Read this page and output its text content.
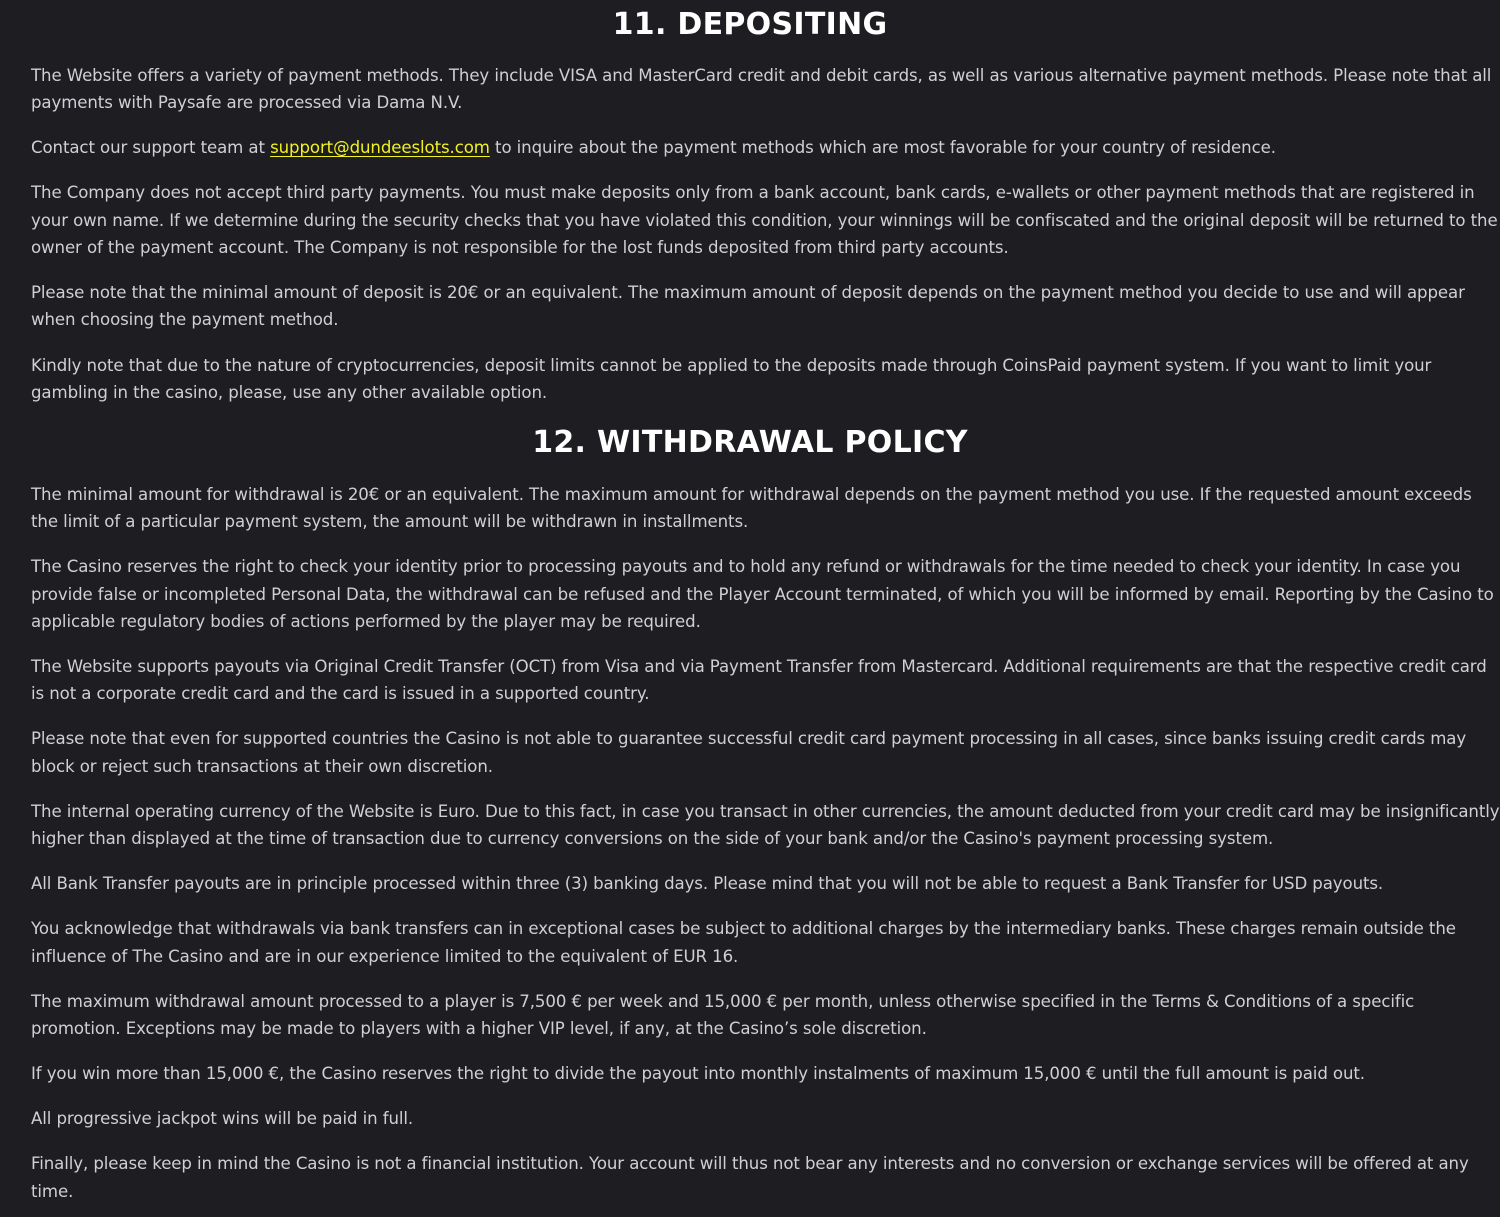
11. DEPOSITING

The Website offers a variety of payment methods. They include VISA and MasterCard credit and debit cards, as well as various alternative payment methods. Please note that all payments with Paysafe are processed via Dama N.V.

Contact our support team at support@dundeeslots.com to inquire about the payment methods which are most favorable for your country of residence.

The Company does not accept third party payments. You must make deposits only from a bank account, bank cards, e-wallets or other payment methods that are registered in your own name. If we determine during the security checks that you have violated this condition, your winnings will be confiscated and the original deposit will be returned to the owner of the payment account. The Company is not responsible for the lost funds deposited from third party accounts.

Please note that the minimal amount of deposit is 20€ or an equivalent. The maximum amount of deposit depends on the payment method you decide to use and will appear when choosing the payment method.

Kindly note that due to the nature of cryptocurrencies, deposit limits cannot be applied to the deposits made through CoinsPaid payment system. If you want to limit your gambling in the casino, please, use any other available option.

12. WITHDRAWAL POLICY

The minimal amount for withdrawal is 20€ or an equivalent. The maximum amount for withdrawal depends on the payment method you use. If the requested amount exceeds the limit of a particular payment system, the amount will be withdrawn in installments.

The Casino reserves the right to check your identity prior to processing payouts and to hold any refund or withdrawals for the time needed to check your identity. In case you provide false or incompleted Personal Data, the withdrawal can be refused and the Player Account terminated, of which you will be informed by email. Reporting by the Casino to applicable regulatory bodies of actions performed by the player may be required.

The Website supports payouts via Original Credit Transfer (OCT) from Visa and via Payment Transfer from Mastercard. Additional requirements are that the respective credit card is not a corporate credit card and the card is issued in a supported country.

Please note that even for supported countries the Casino is not able to guarantee successful credit card payment processing in all cases, since banks issuing credit cards may block or reject such transactions at their own discretion.

The internal operating currency of the Website is Euro. Due to this fact, in case you transact in other currencies, the amount deducted from your credit card may be insignificantly higher than displayed at the time of transaction due to currency conversions on the side of your bank and/or the Casino's payment processing system.

All Bank Transfer payouts are in principle processed within three (3) banking days. Please mind that you will not be able to request a Bank Transfer for USD payouts.

You acknowledge that withdrawals via bank transfers can in exceptional cases be subject to additional charges by the intermediary banks. These charges remain outside the influence of The Casino and are in our experience limited to the equivalent of EUR 16.

The maximum withdrawal amount processed to a player is 7,500 € per week and 15,000 € per month, unless otherwise specified in the Terms & Conditions of a specific promotion. Exceptions may be made to players with a higher VIP level, if any, at the Casino’s sole discretion.

If you win more than 15,000 €, the Casino reserves the right to divide the payout into monthly instalments of maximum 15,000 € until the full amount is paid out.

All progressive jackpot wins will be paid in full.

Finally, please keep in mind the Casino is not a financial institution. Your account will thus not bear any interests and no conversion or exchange services will be offered at any time.
